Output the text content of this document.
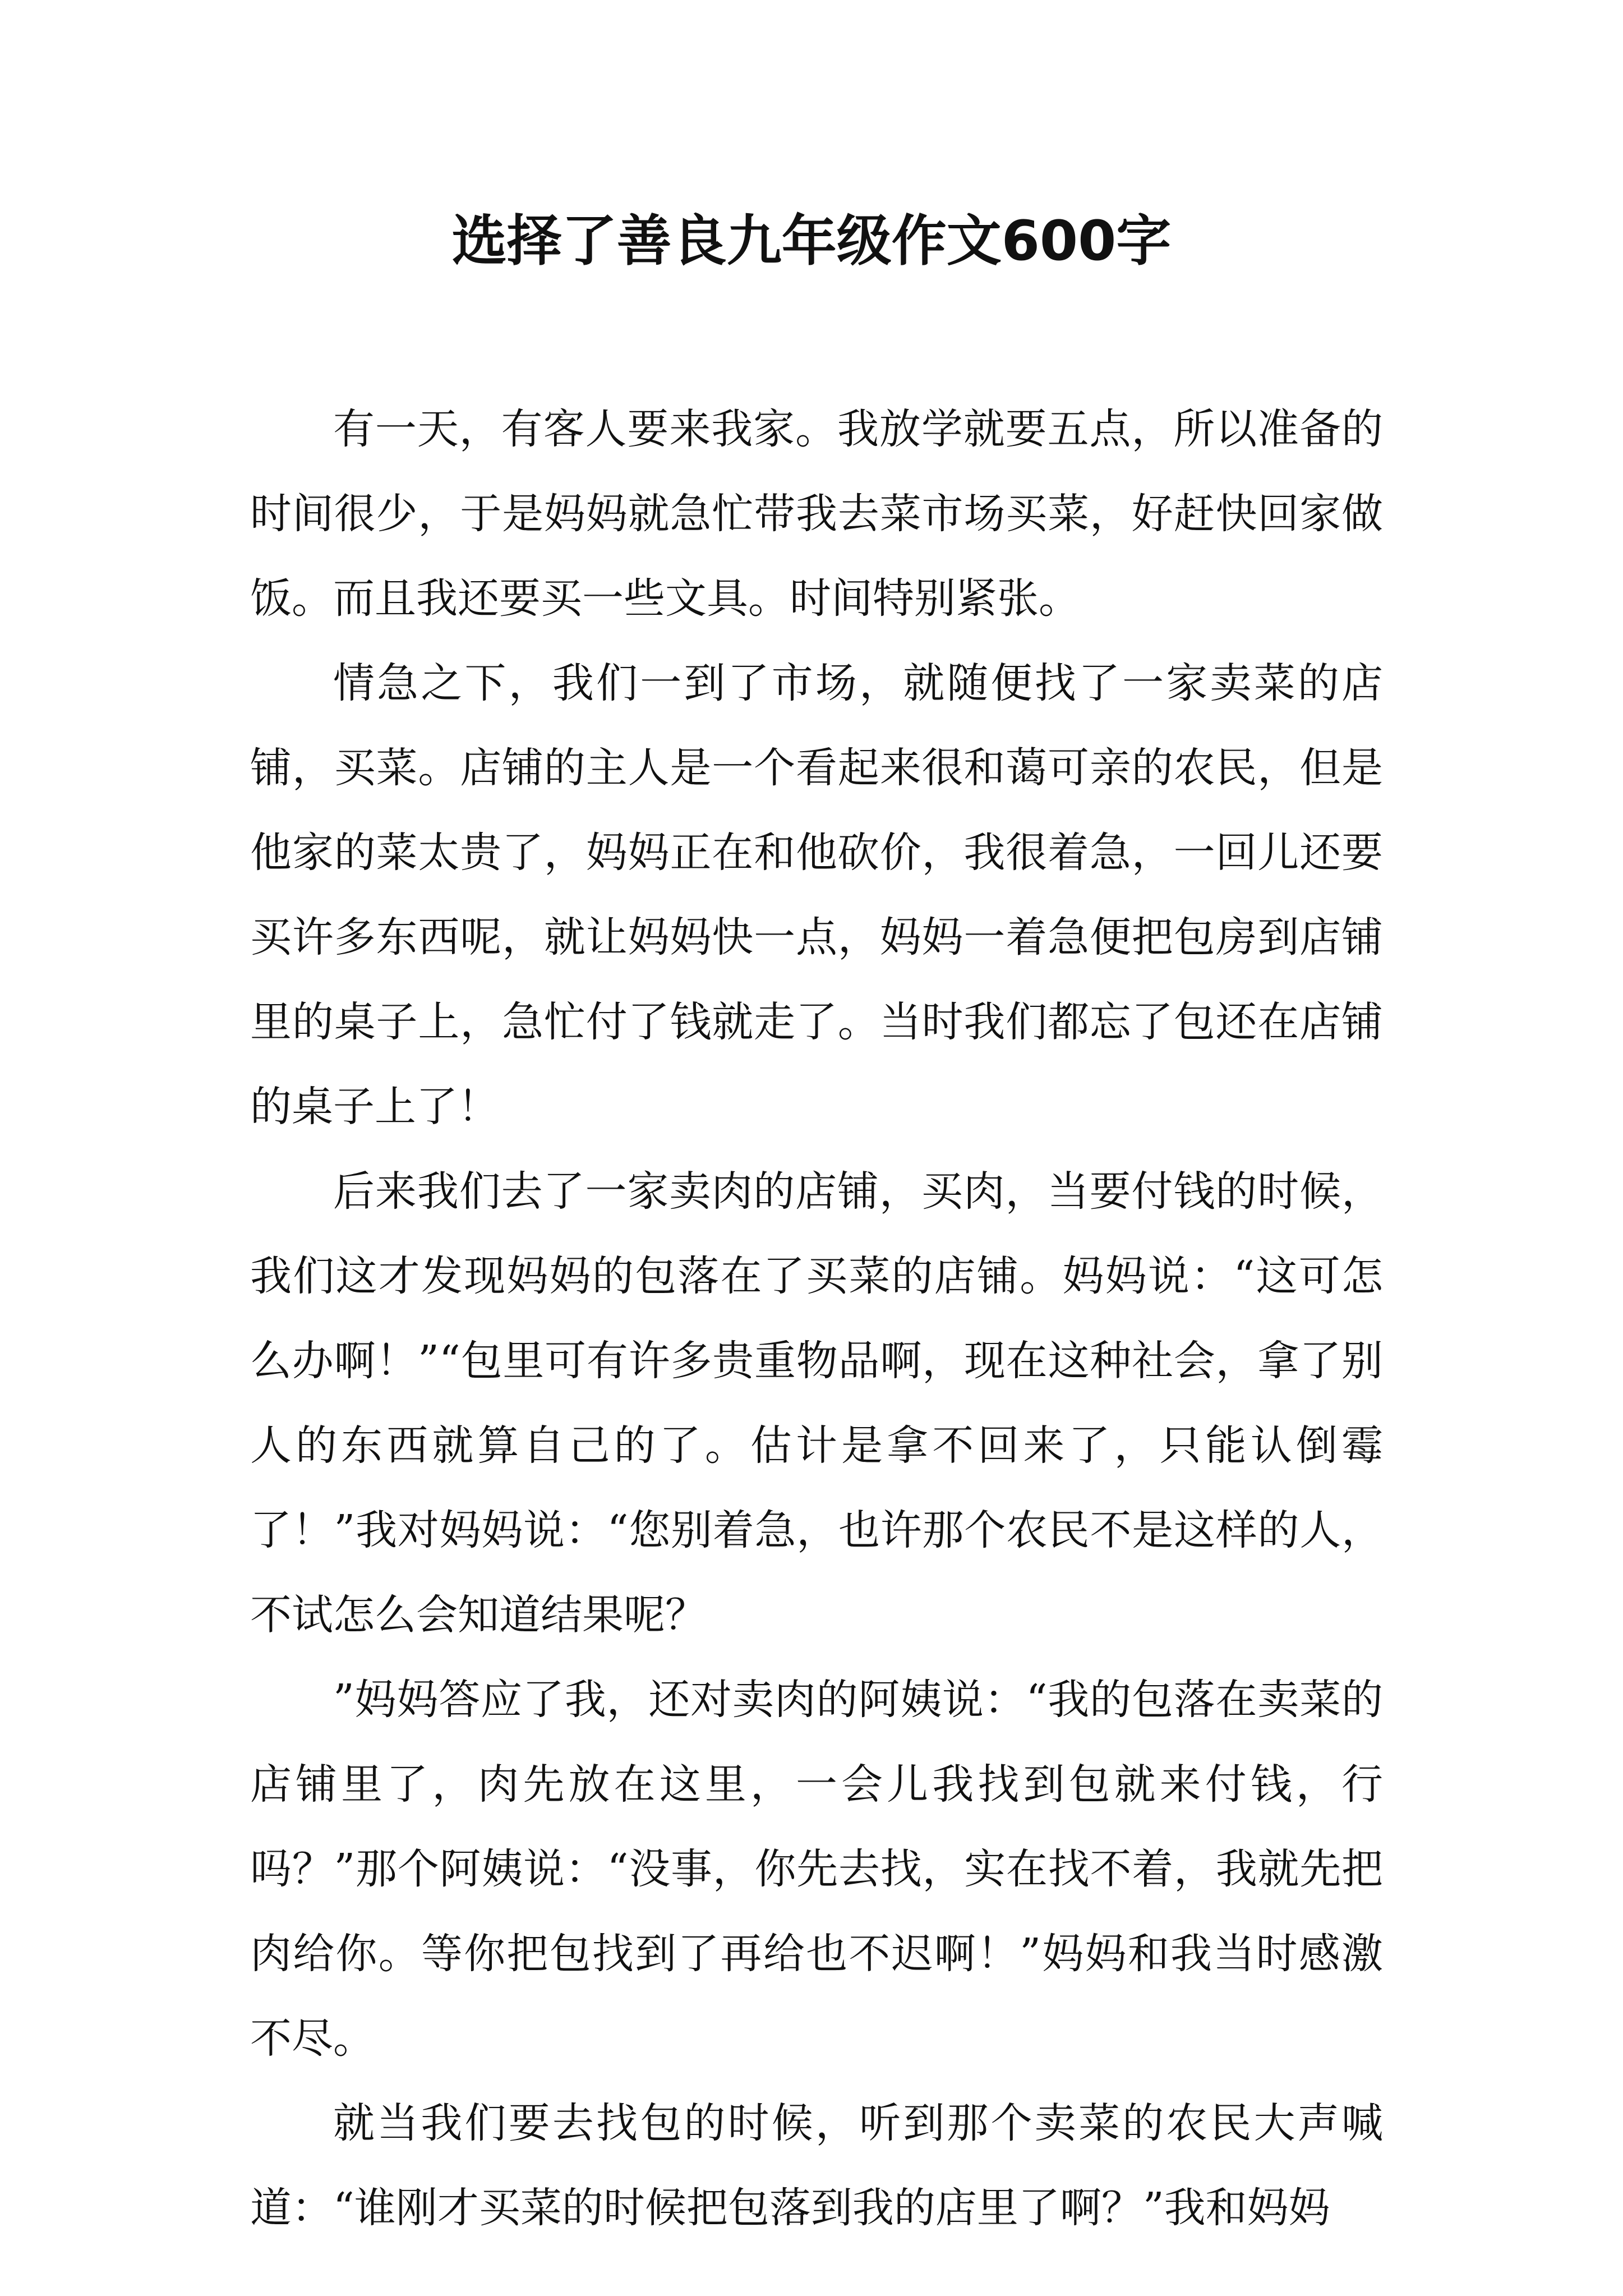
选择了善良九年级作文600字

有一天，有客人要来我家。我放学就要五点，所以准备的时间很少，于是妈妈就急忙带我去菜市场买菜，好赶快回家做饭。而且我还要买一些文具。时间特别紧张。

情急之下，我们一到了市场，就随便找了一家卖菜的店铺，买菜。店铺的主人是一个看起来很和蔼可亲的农民，但是他家的菜太贵了，妈妈正在和他砍价，我很着急，一回儿还要买许多东西呢，就让妈妈快一点，妈妈一着急便把包房到店铺里的桌子上，急忙付了钱就走了。当时我们都忘了包还在店铺的桌子上了！

后来我们去了一家卖肉的店铺，买肉，当要付钱的时候，我们这才发现妈妈的包落在了买菜的店铺。妈妈说：“这可怎么办啊！”“包里可有许多贵重物品啊，现在这种社会，拿了别人的东西就算自己的了。估计是拿不回来了，只能认倒霉了！”我对妈妈说：“您别着急，也许那个农民不是这样的人，不试怎么会知道结果呢？

”妈妈答应了我，还对卖肉的阿姨说：“我的包落在卖菜的店铺里了，肉先放在这里，一会儿我找到包就来付钱，行吗？”那个阿姨说：“没事，你先去找，实在找不着，我就先把肉给你。等你把包找到了再给也不迟啊！”妈妈和我当时感激不尽。

就当我们要去找包的时候，听到那个卖菜的农民大声喊道：“谁刚才买菜的时候把包落到我的店里了啊？”我和妈妈
